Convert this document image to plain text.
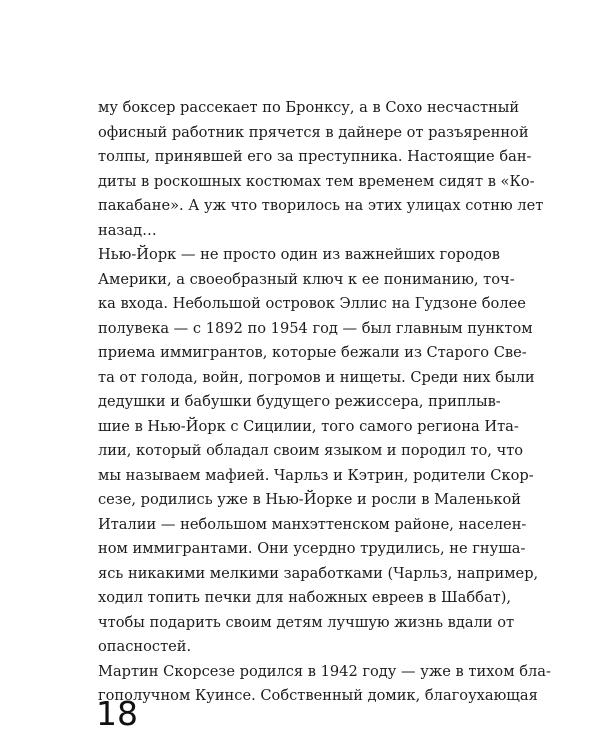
му боксер рассекает по Бронксу, а в Сохо несчастный
офисный работник прячется в дайнере от разъяренной
толпы, принявшей его за преступника. Настоящие бан-
диты в роскошных костюмах тем временем сидят в «Ко-
пакабане». А уж что творилось на этих улицах сотню лет
назад…
Нью-Йорк — не просто один из важнейших городов
Америки, а своеобразный ключ к ее пониманию, точ-
ка входа. Небольшой островок Эллис на Гудзоне более
полувека — с 1892 по 1954 год — был главным пунктом
приема иммигрантов, которые бежали из Старого Све-
та от голода, войн, погромов и нищеты. Среди них были
дедушки и бабушки будущего режиссера, приплыв-
шие в Нью-Йорк с Сицилии, того самого региона Ита-
лии, который обладал своим языком и породил то, что
мы называем мафией. Чарльз и Кэтрин, родители Скор-
сезе, родились уже в Нью-Йорке и росли в Маленькой
Италии — небольшом манхэттенском районе, населен-
ном иммигрантами. Они усердно трудились, не гнуша-
ясь никакими мелкими заработками (Чарльз, например,
ходил топить печки для набожных евреев в Шаббат),
чтобы подарить своим детям лучшую жизнь вдали от
опасностей.
Мартин Скорсезе родился в 1942 году — уже в тихом бла-
гополучном Куинсе. Собственный домик, благоухающая
18
